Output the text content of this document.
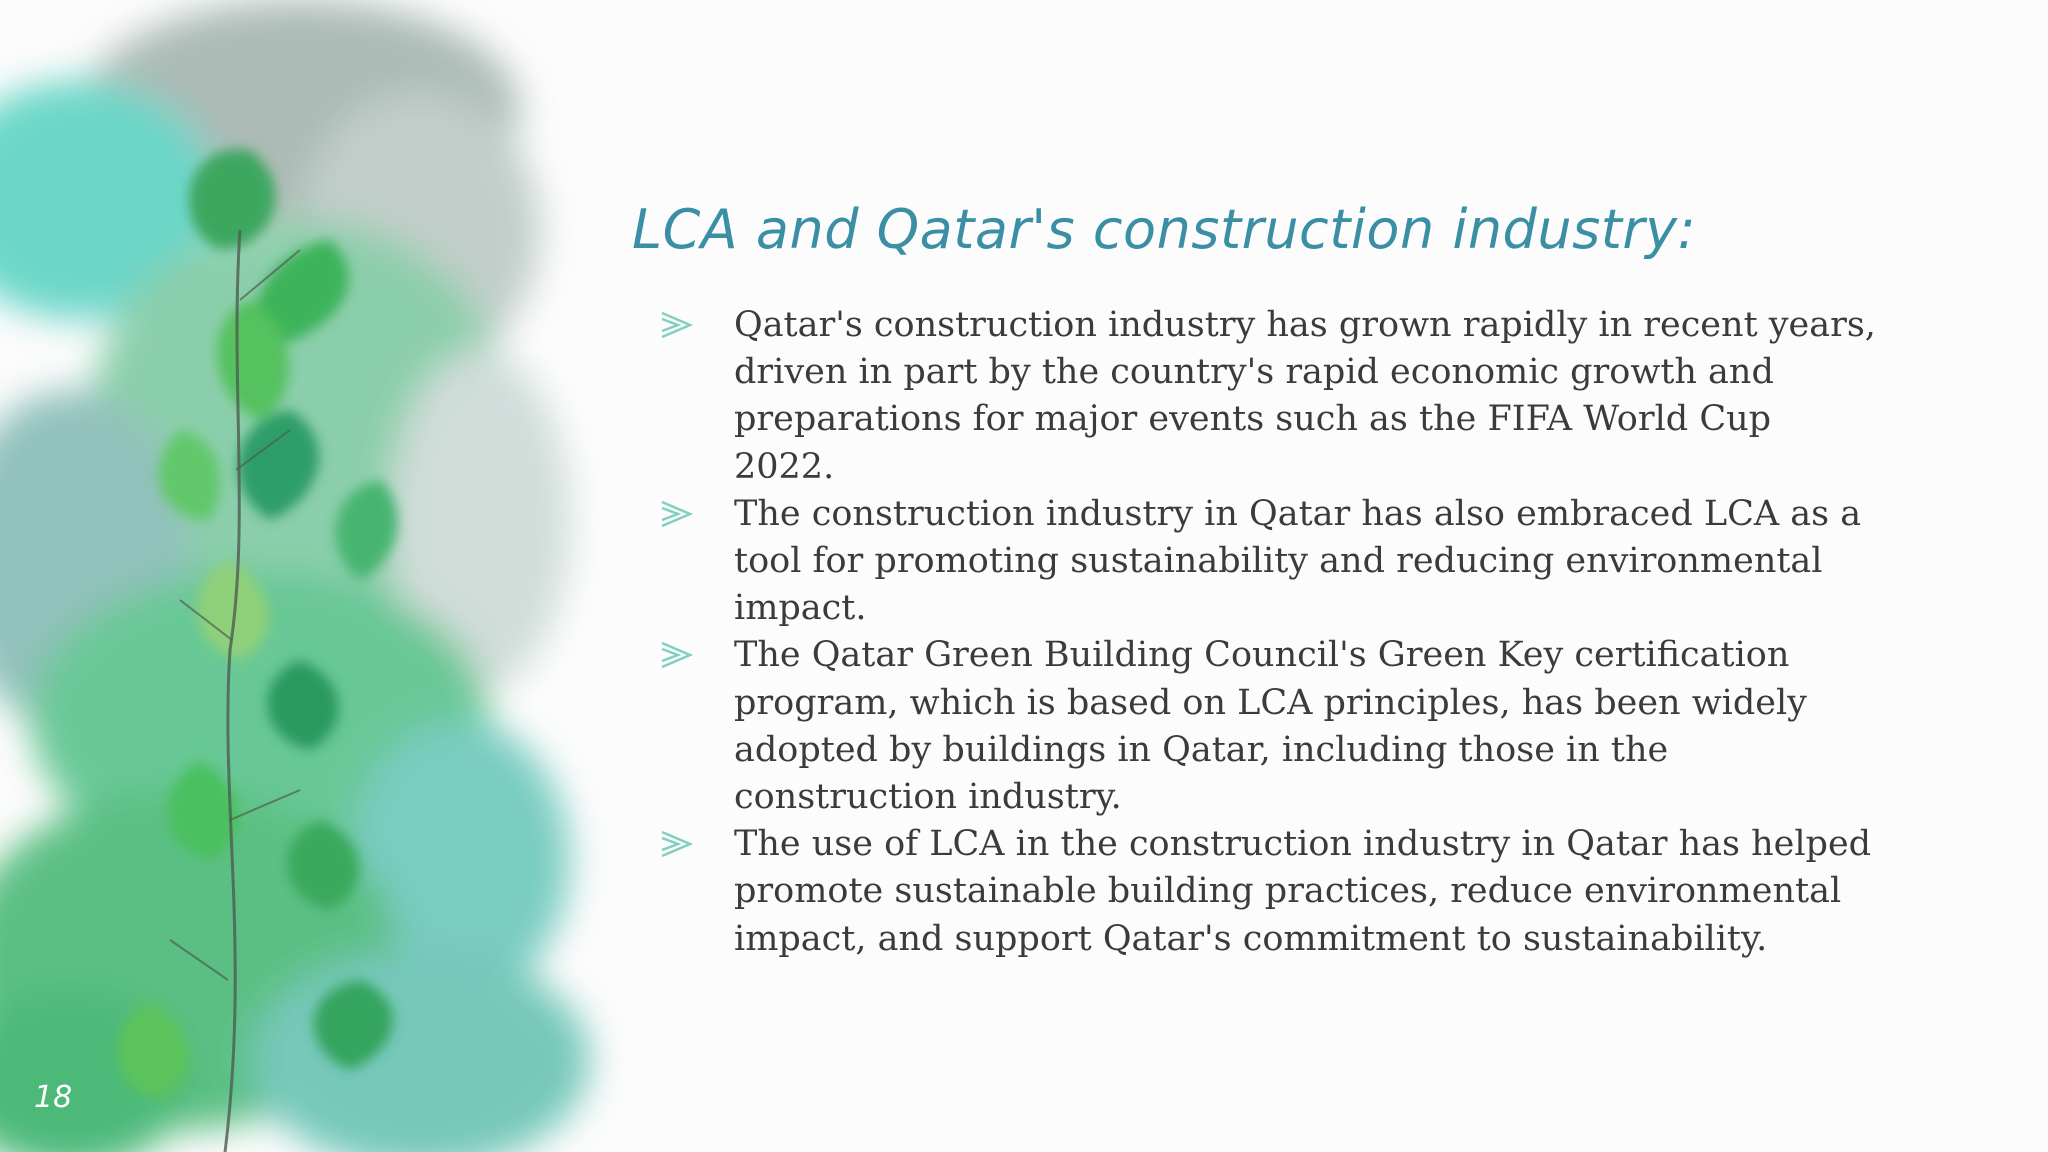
LCA and Qatar's construction industry:
Qatar's construction industry has grown rapidly in recent years, driven in part by the country's rapid economic growth and preparations for major events such as the FIFA World Cup 2022.
The construction industry in Qatar has also embraced LCA as a tool for promoting sustainability and reducing environmental impact.
The Qatar Green Building Council's Green Key certification program, which is based on LCA principles, has been widely adopted by buildings in Qatar, including those in the construction industry.
The use of LCA in the construction industry in Qatar has helped promote sustainable building practices, reduce environmental impact, and support Qatar's commitment to sustainability.
18
